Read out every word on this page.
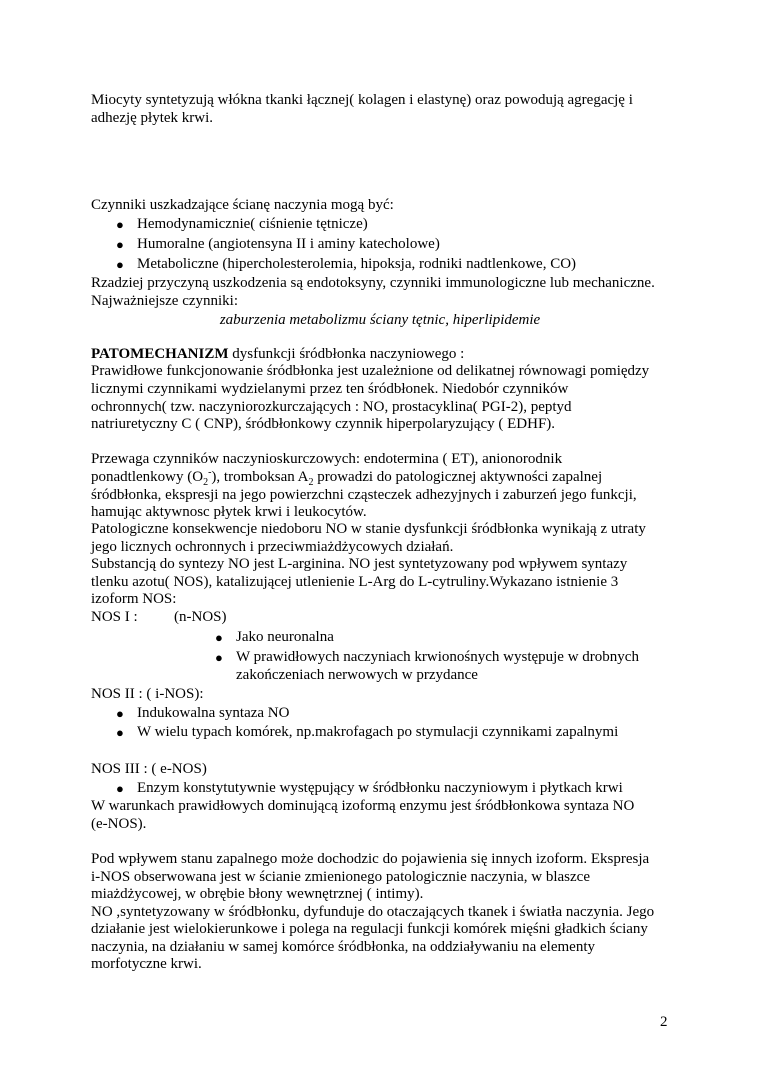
Miocyty syntetyzują włókna tkanki łącznej( kolagen i elastynę) oraz powodują agregację i
adhezję płytek krwi.
Czynniki uszkadzające ścianę naczynia mogą być:
● Hemodynamicznie( ciśnienie tętnicze)
● Humoralne (angiotensyna II i aminy katecholowe)
● Metaboliczne (hipercholesterolemia, hipoksja, rodniki nadtlenkowe, CO)
Rzadziej przyczyną uszkodzenia są endotoksyny, czynniki immunologiczne lub mechaniczne.
Najważniejsze czynniki:
zaburzenia metabolizmu ściany tętnic, hiperlipidemie
PATOMECHANIZM dysfunkcji śródbłonka naczyniowego :
Prawidłowe funkcjonowanie śródbłonka jest uzależnione od delikatnej równowagi pomiędzy
licznymi czynnikami wydzielanymi przez ten śródbłonek. Niedobór czynników
ochronnych( tzw. naczyniorozkurczających : NO, prostacyklina( PGI-2), peptyd
natriuretyczny C ( CNP), śródbłonkowy czynnik hiperpolaryzujący ( EDHF).
Przewaga czynników naczynioskurczowych: endotermina ( ET), anionorodnik
ponadtlenkowy $(O_2^-)$, tromboksan $A_2$ prowadzi do patologicznej aktywności zapalnej
śródbłonka, ekspresji na jego powierzchni cząsteczek adhezyjnych i zaburzeń jego funkcji,
hamując aktywnosc płytek krwi i leukocytów.
Patologiczne konsekwencje niedoboru NO w stanie dysfunkcji śródbłonka wynikają z utraty
jego licznych ochronnych i przeciwmiażdżycowych działań.
Substancją do syntezy NO jest L-arginina. NO jest syntetyzowany pod wpływem syntazy
tlenku azotu( NOS), katalizującej utlenienie L-Arg do L-cytruliny.Wykazano istnienie 3
izoform NOS:
NOS I : (n-NOS)
● Jako neuronalna
● W prawidłowych naczyniach krwionośnych występuje w drobnych
zakończeniach nerwowych w przydance
NOS II : ( i-NOS):
● Indukowalna syntaza NO
● W wielu typach komórek, np.makrofagach po stymulacji czynnikami zapalnymi
NOS III : ( e-NOS)
● Enzym konstytutywnie występujący w śródbłonku naczyniowym i płytkach krwi
W warunkach prawidłowych dominującą izoformą enzymu jest śródbłonkowa syntaza NO
(e-NOS).
Pod wpływem stanu zapalnego może dochodzic do pojawienia się innych izoform. Ekspresja
i-NOS obserwowana jest w ścianie zmienionego patologicznie naczynia, w blaszce
miażdżycowej, w obrębie błony wewnętrznej ( intimy).
NO ,syntetyzowany w śródbłonku, dyfunduje do otaczających tkanek i światła naczynia. Jego
działanie jest wielokierunkowe i polega na regulacji funkcji komórek mięśni gładkich ściany
naczynia, na działaniu w samej komórce śródbłonka, na oddziaływaniu na elementy
morfotyczne krwi.
2
